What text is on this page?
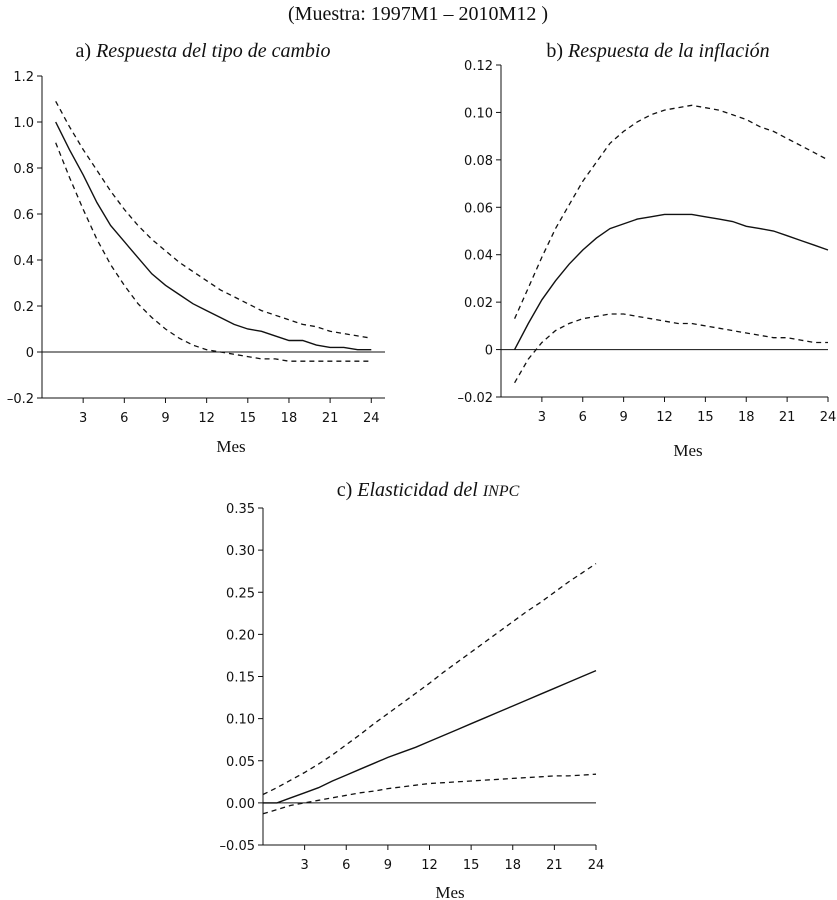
(Muestra: 1997M1 – 2010M12 )
a) Respuesta del tipo de cambio
–0.2
0
0.2
0.4
0.6
0.8
1.0
1.2
3	6	9 12 15 18 21 24
Mes
b) Respuesta de la inflación
–0.02
0
0.02
0.04
0.06
0.08
0.10
0.12
3	6	9 12 15 18 21 24
Mes
c) Elasticidad del INPC
–0.05
0.00
0.05
0.10
0.15
0.20
0.25
0.30
0.35
3	6	9 12 15 18 21 24
Mes
